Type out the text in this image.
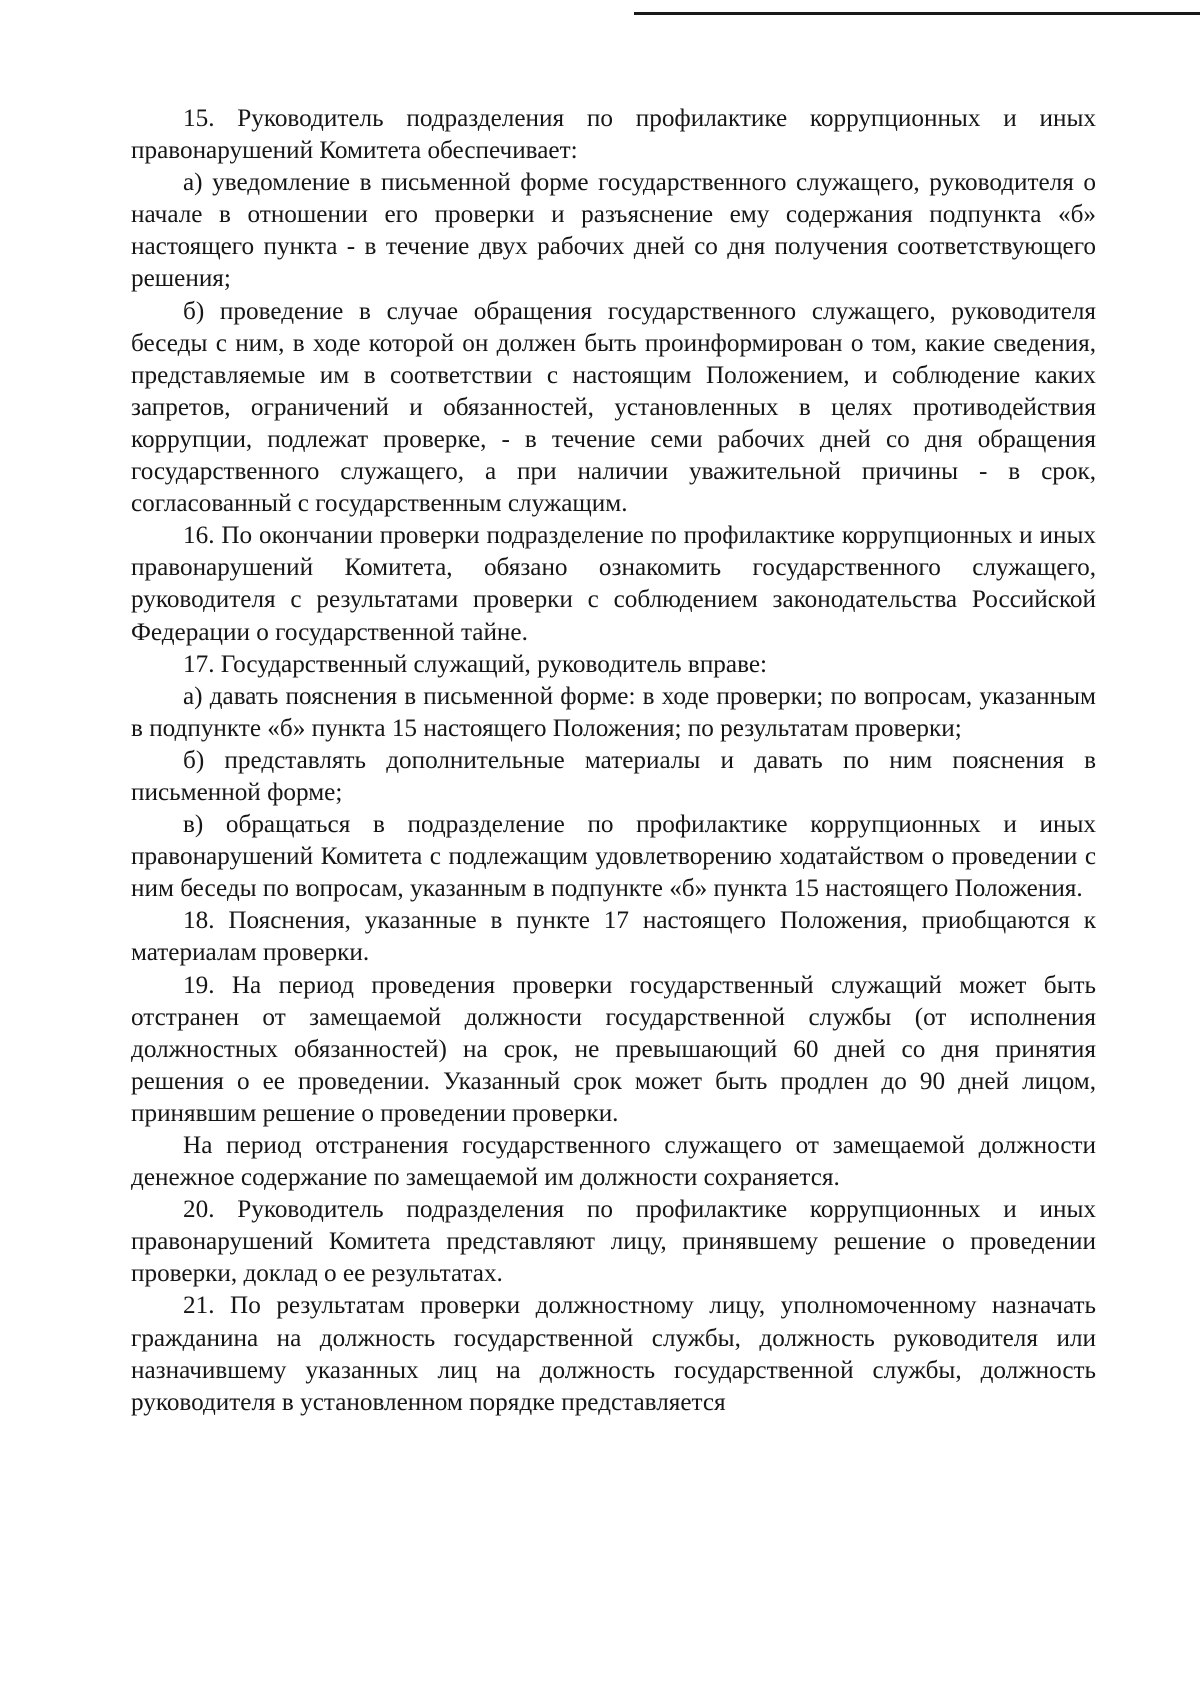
15. Руководитель подразделения по профилактике коррупционных и иных правонарушений Комитета обеспечивает:

а) уведомление в письменной форме государственного служащего, руководителя о начале в отношении его проверки и разъяснение ему содержания подпункта «б» настоящего пункта - в течение двух рабочих дней со дня получения соответствующего решения;

б) проведение в случае обращения государственного служащего, руководителя беседы с ним, в ходе которой он должен быть проинформирован о том, какие сведения, представляемые им в соответствии с настоящим Положением, и соблюдение каких запретов, ограничений и обязанностей, установленных в целях противодействия коррупции, подлежат проверке, - в течение семи рабочих дней со дня обращения государственного служащего, а при наличии уважительной причины - в срок, согласованный с государственным служащим.

16. По окончании проверки подразделение по профилактике коррупционных и иных правонарушений Комитета, обязано ознакомить государственного служащего, руководителя с результатами проверки с соблюдением законодательства Российской Федерации о государственной тайне.

17. Государственный служащий, руководитель вправе:

а) давать пояснения в письменной форме: в ходе проверки; по вопросам, указанным в подпункте «б» пункта 15 настоящего Положения; по результатам проверки;

б) представлять дополнительные материалы и давать по ним пояснения в письменной форме;

в) обращаться в подразделение по профилактике коррупционных и иных правонарушений Комитета с подлежащим удовлетворению ходатайством о проведении с ним беседы по вопросам, указанным в подпункте «б» пункта 15 настоящего Положения.

18. Пояснения, указанные в пункте 17 настоящего Положения, приобщаются к материалам проверки.

19. На период проведения проверки государственный служащий может быть отстранен от замещаемой должности государственной службы (от исполнения должностных обязанностей) на срок, не превышающий 60 дней со дня принятия решения о ее проведении. Указанный срок может быть продлен до 90 дней лицом, принявшим решение о проведении проверки.

На период отстранения государственного служащего от замещаемой должности денежное содержание по замещаемой им должности сохраняется.

20. Руководитель подразделения по профилактике коррупционных и иных правонарушений Комитета представляют лицу, принявшему решение о проведении проверки, доклад о ее результатах.

21. По результатам проверки должностному лицу, уполномоченному назначать гражданина на должность государственной службы, должность руководителя или назначившему указанных лиц на должность государственной службы, должность руководителя в установленном порядке представляется
